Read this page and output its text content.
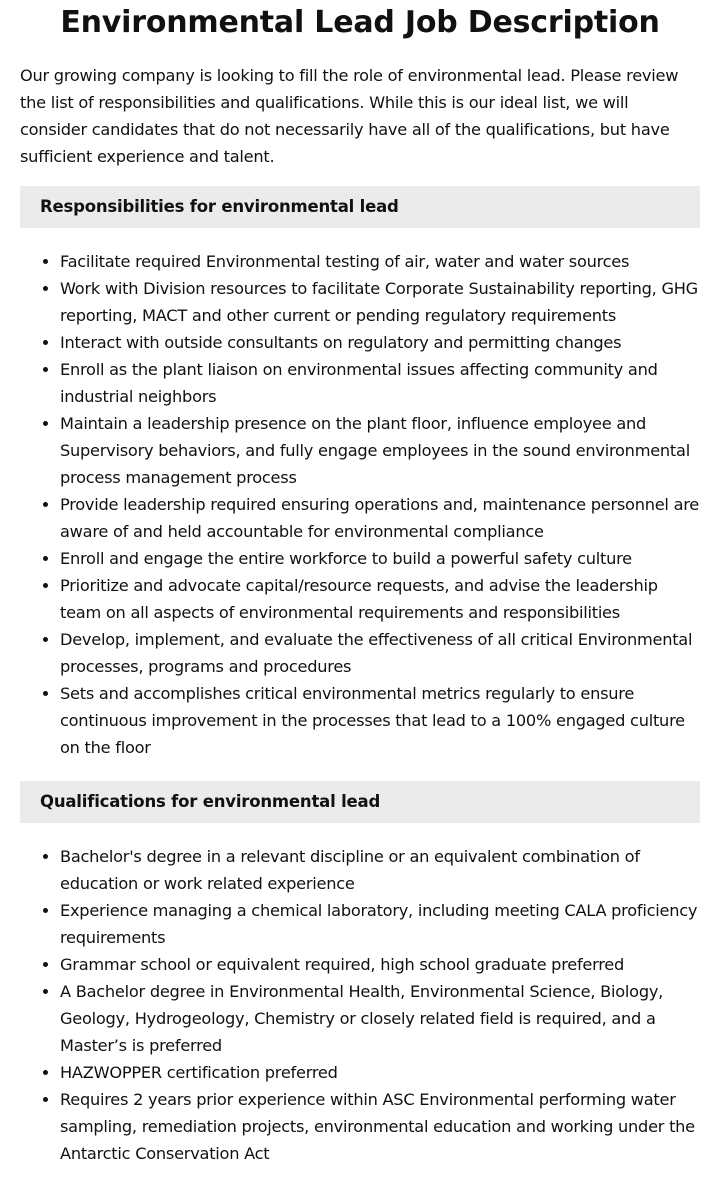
Environmental Lead Job Description

Our growing company is looking to fill the role of environmental lead. Please review the list of responsibilities and qualifications. While this is our ideal list, we will consider candidates that do not necessarily have all of the qualifications, but have sufficient experience and talent.

Responsibilities for environmental lead
• Facilitate required Environmental testing of air, water and water sources
• Work with Division resources to facilitate Corporate Sustainability reporting, GHG reporting, MACT and other current or pending regulatory requirements
• Interact with outside consultants on regulatory and permitting changes
• Enroll as the plant liaison on environmental issues affecting community and industrial neighbors
• Maintain a leadership presence on the plant floor, influence employee and Supervisory behaviors, and fully engage employees in the sound environmental process management process
• Provide leadership required ensuring operations and, maintenance personnel are aware of and held accountable for environmental compliance
• Enroll and engage the entire workforce to build a powerful safety culture
• Prioritize and advocate capital/resource requests, and advise the leadership team on all aspects of environmental requirements and responsibilities
• Develop, implement, and evaluate the effectiveness of all critical Environmental processes, programs and procedures
• Sets and accomplishes critical environmental metrics regularly to ensure continuous improvement in the processes that lead to a 100% engaged culture on the floor
Qualifications for environmental lead
• Bachelor's degree in a relevant discipline or an equivalent combination of education or work related experience
• Experience managing a chemical laboratory, including meeting CALA proficiency requirements
• Grammar school or equivalent required, high school graduate preferred
• A Bachelor degree in Environmental Health, Environmental Science, Biology, Geology, Hydrogeology, Chemistry or closely related field is required, and a Master’s is preferred
• HAZWOPPER certification preferred
• Requires 2 years prior experience within ASC Environmental performing water sampling, remediation projects, environmental education and working under the Antarctic Conservation Act
